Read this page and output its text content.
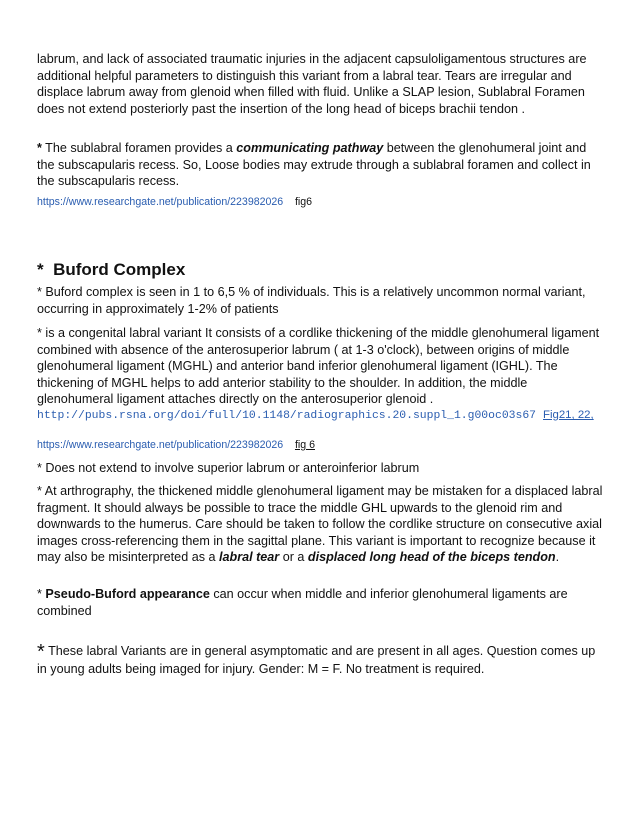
labrum, and lack of associated traumatic injuries in the adjacent capsuloligamentous structures are additional helpful parameters to distinguish this variant from a labral tear. Tears are irregular and displace labrum away from glenoid when filled with fluid. Unlike a SLAP lesion, Sublabral Foramen does not extend posteriorly past the insertion of the long head of biceps brachii tendon .

* The sublabral foramen provides a communicating pathway between the glenohumeral joint and the subscapularis recess. So, Loose bodies may extrude through a sublabral foramen and collect in the subscapularis recess.

https://www.researchgate.net/publication/223982026 fig6

* Buford Complex

* Buford complex is seen in 1 to 6,5 % of individuals. This is a relatively uncommon normal variant, occurring in approximately 1-2% of patients

* is a congenital labral variant It consists of a cordlike thickening of the middle glenohumeral ligament combined with absence of the anterosuperior labrum ( at 1-3 o'clock), between origins of middle glenohumeral ligament (MGHL) and anterior band inferior glenohumeral ligament (IGHL). The thickening of MGHL helps to add anterior stability to the shoulder. In addition, the middle glenohumeral ligament attaches directly on the anterosuperior glenoid .

http://pubs.rsna.org/doi/full/10.1148/radiographics.20.suppl_1.g00oc03s67 Fig21, 22,

https://www.researchgate.net/publication/223982026 fig 6

* Does not extend to involve superior labrum or anteroinferior labrum

* At arthrography, the thickened middle glenohumeral ligament may be mistaken for a displaced labral fragment. It should always be possible to trace the middle GHL upwards to the glenoid rim and downwards to the humerus. Care should be taken to follow the cordlike structure on consecutive axial images cross-referencing them in the sagittal plane. This variant is important to recognize because it may also be misinterpreted as a labral tear or a displaced long head of the biceps tendon.

* Pseudo-Buford appearance can occur when middle and inferior glenohumeral ligaments are combined

* These labral Variants are in general asymptomatic and are present in all ages. Question comes up in young adults being imaged for injury. Gender: M = F. No treatment is required.
